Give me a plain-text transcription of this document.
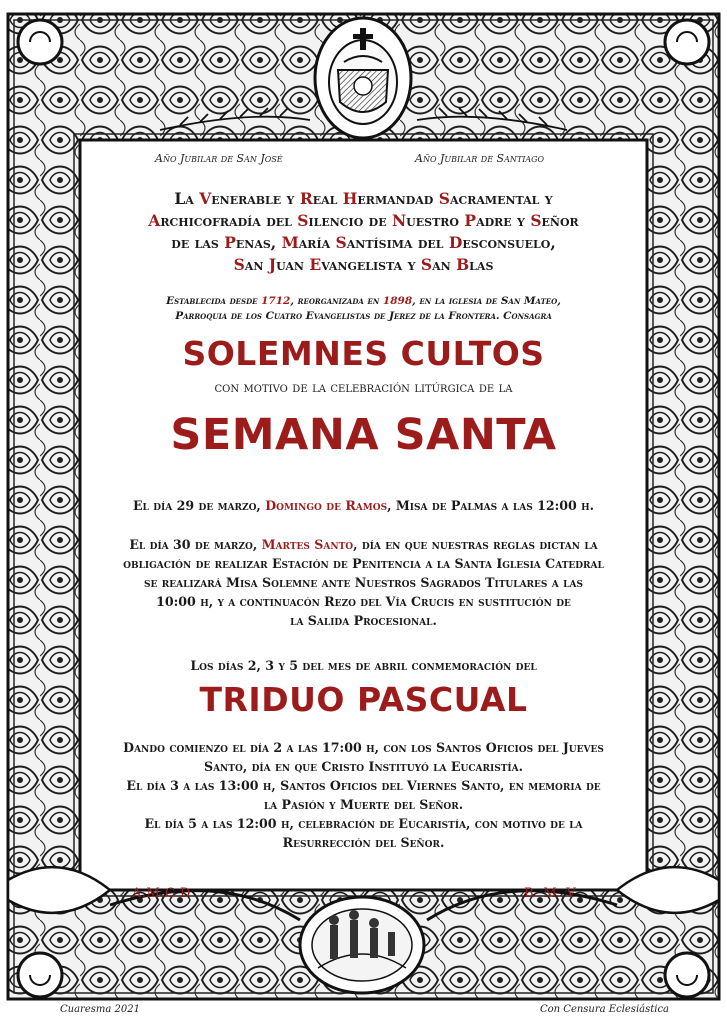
Año Jubilar de San José	Año Jubilar de Santiago
La Venerable y Real Hermandad Sacramental y
Archicofradía del Silencio de Nuestro Padre y Señor
de las Penas, María Santísima del Desconsuelo,
San Juan Evangelista y San Blas
Establecida desde 1712, reorganizada en 1898, en la iglesia de San Mateo,
Parroquia de los Cuatro Evangelistas de Jerez de la Frontera. Consagra
SOLEMNES CULTOS
con motivo de la celebración litúrgica de la
SEMANA SANTA
El día 29 de marzo, Domingo de Ramos, Misa de Palmas a las 12:00 h.
El día 30 de marzo, Martes Santo, día en que nuestras reglas dictan la
obligación de realizar Estación de Penitencia a la Santa Iglesia Catedral
se realizará Misa Solemne ante Nuestros Sagrados Titulares a las
10:00 h, y a continuacón Rezo del Vía Crucis en sustitución de
la Salida Procesional.
Los días 2, 3 y 5 del mes de abril conmemoración del
TRIDUO PASCUAL
Dando comienzo el día 2 a las 17:00 h, con los Santos Oficios del Jueves
Santo, día en que Cristo Instituyó la Eucaristía.
El día 3 a las 13:00 h, Santos Oficios del Viernes Santo, en memoria de
la Pasión y Muerte del Señor.
El día 5 a las 12:00 h, celebración de Eucaristía, con motivo de la
Resurrección del Señor.
A.M.G.D	B. M. V
Cuaresma 2021	Con Censura Eclesiástica
